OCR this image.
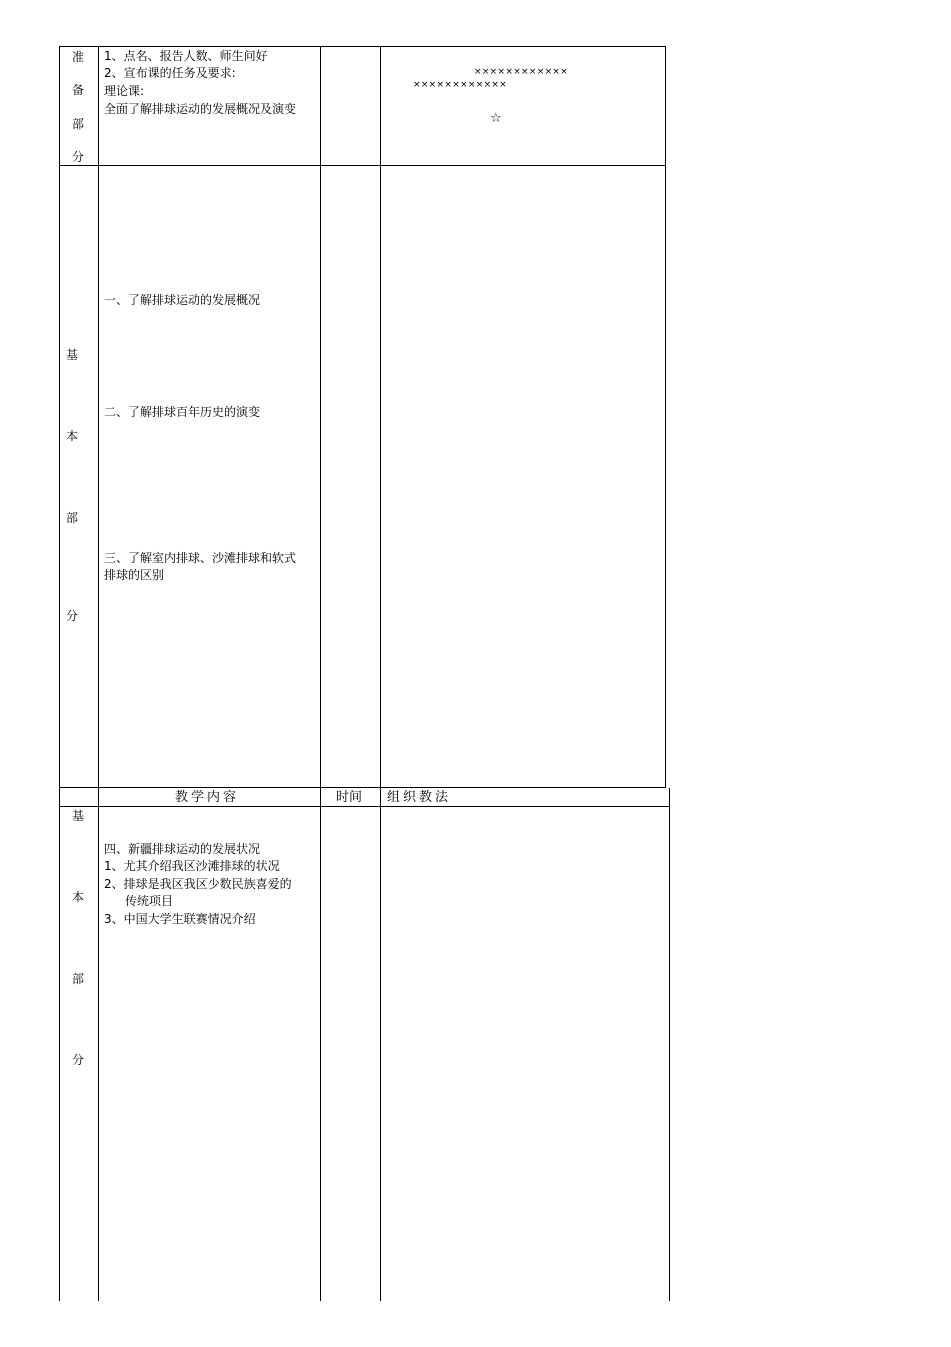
准
备
部
分
1、点名、报告人数、师生问好
2、宣布课的任务及要求:
理论课:
全面了解排球运动的发展概况及演变
××××××××××××
××××××××××××
☆
基
本
部
分
一、了解排球运动的发展概况
二、了解排球百年历史的演变
三、了解室内排球、沙滩排球和软式
排球的区别
教学内容	时间 组织教法
基
本
部
分
四、新疆排球运动的发展状况
1、尤其介绍我区沙滩排球的状况
2、排球是我区我区少数民族喜爱的
传统项目
3、中国大学生联赛情况介绍
